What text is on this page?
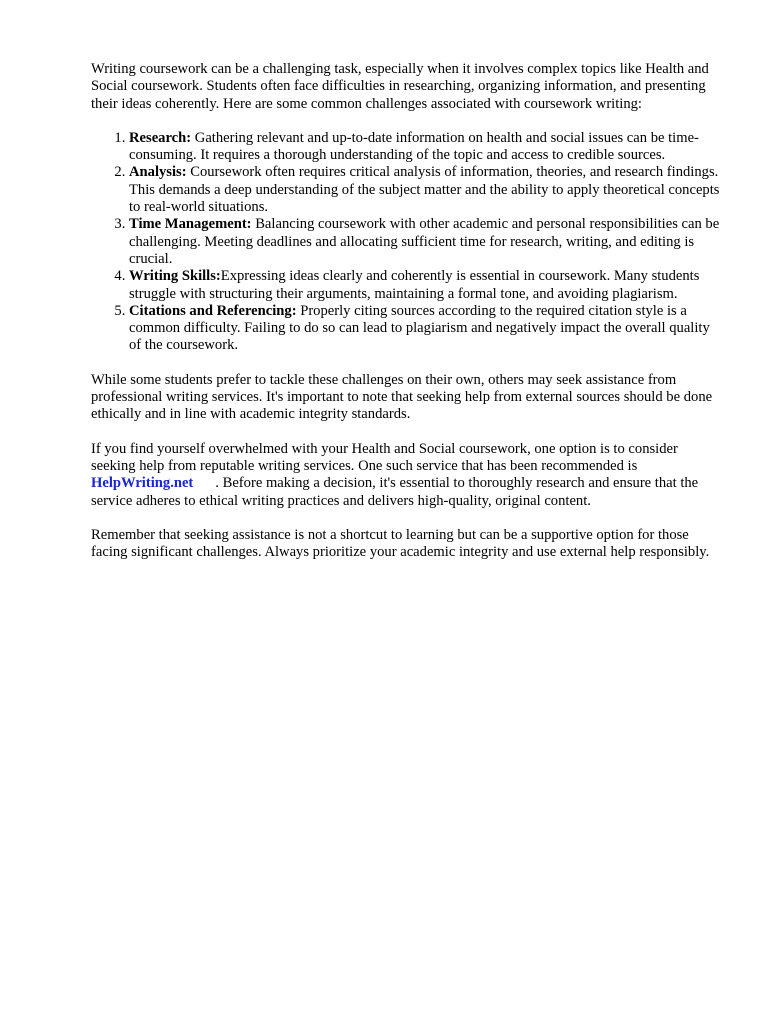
Writing coursework can be a challenging task, especially when it involves complex topics like Health and Social coursework. Students often face difficulties in researching, organizing information, and presenting their ideas coherently. Here are some common challenges associated with coursework writing:

1. Research: Gathering relevant and up-to-date information on health and social issues can be time-consuming. It requires a thorough understanding of the topic and access to credible sources.
2. Analysis: Coursework often requires critical analysis of information, theories, and research findings. This demands a deep understanding of the subject matter and the ability to apply theoretical concepts to real-world situations.
3. Time Management: Balancing coursework with other academic and personal responsibilities can be challenging. Meeting deadlines and allocating sufficient time for research, writing, and editing is crucial.
4. Writing Skills:Expressing ideas clearly and coherently is essential in coursework. Many students struggle with structuring their arguments, maintaining a formal tone, and avoiding plagiarism.
5. Citations and Referencing: Properly citing sources according to the required citation style is a common difficulty. Failing to do so can lead to plagiarism and negatively impact the overall quality of the coursework.

While some students prefer to tackle these challenges on their own, others may seek assistance from professional writing services. It's important to note that seeking help from external sources should be done ethically and in line with academic integrity standards.

If you find yourself overwhelmed with your Health and Social coursework, one option is to consider seeking help from reputable writing services. One such service that has been recommended is HelpWriting.net . Before making a decision, it's essential to thoroughly research and ensure that the service adheres to ethical writing practices and delivers high-quality, original content.

Remember that seeking assistance is not a shortcut to learning but can be a supportive option for those facing significant challenges. Always prioritize your academic integrity and use external help responsibly.
